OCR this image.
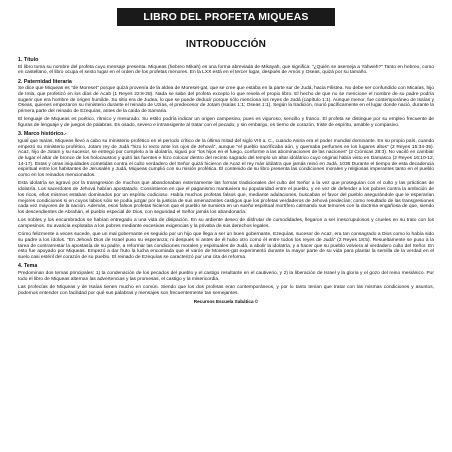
LIBRO DEL PROFETA MIQUEAS
INTRODUCCIÓN
1. Título

El libro toma su nombre del profeta cuyo mensaje presenta. Miqueas (hebreo Mikah) es una forma abreviada de Mikayah, que significa: "¿Quién se asemeja a Yahweh?" Tanto en hebreo, como en castellano, el libro ocupa el sexto lugar en el orden de los profetas menores. En la LXX está en el tercer lugar, después de Amós y Oseas, quizá por su tamaño.

2. Paternidad literaria

Se dice que Miqueas es "de Moreset" porque quizá provenía de la aldea de Moreset-gat, que se cree que estaba en la parte sur de Judá, hacia Filistea. No debe ser confundido con Micaías, hijo de Imla, que profetizó en los días de Acab (1 Reyes 22:8-28). Nada se sabe del profeta excepto lo que revela el propio libro. El hecho de que no se mencione el nombre de su padre podría sugerir que era hombre de origen humilde. Su sitio era de Judea, lo que se puede deducir porque sólo menciona los reyes de Judá (capítulo 1:1). Aunque menor, fue contemporáneo de Isaías y Oseas, quienes empezaron su ministerio durante el reinado de Uzías, el predecesor de Jotam (Isaías 1:1; Oseas 1:1). Según la tradición, murió pacíficamente en el lugar donde nació, durante la primera parte del reinado de Ezequías, antes de la caída de Samaria.

El lenguaje de Miqueas es poético, rítmico y mesurado. Su estilo podría indicar un origen campesino, pues es vigoroso, sencillo y franco. El profeta se distingue por su empleo frecuente de figuras de lenguaje y de juegos de palabras. Es osado, severo e intransigente al tratar con el pecado; y sin embargo, es tierno de corazón, triste de espíritu, amable y compasivo.

3. Marco histórico.-

Igual que Isaías, Miqueas llevó a cabo su ministerio profético en el período crítico de la última mitad del siglo VIII a. C., cuando Asiria era el poder mundial dominante. En su propio país, cuando empezó su ministerio profético, Jotam rey de Judá "hizo lo recto ante los ojos de Jehová", aunque "el pueblo sacrificaba aún, y quemaba perfumes en los lugares altos" (2 Reyes 15:34-35). Acaz, hijo de Jotam y su sucesor, se entregó por completo a la idolatría, siguió por "los hijos en el fuego, conforme a las abominaciones de las naciones" (2 Crónicas 28:3). No vaciló en cambiar de lugar el altar de bronce de los holocaustos y quitó las fuentes e hizo colocar dentro del recinto sagrado del templo un altar idolátrico cuyo original había visto en Damasco (2 Reyes 16:10-12, 14-17). Estas y otras iniquidades cometidas contra el culto verdadero del Señor quizá hicieron de Acaz el rey más idólatra que jamás reinó en Judá. 1036 Durante el tiempo de esta decadencia espiritual entre los habitantes de Jerusalén y Judá, Miqueas cumplió con su misión profética. El contenido de su libro presenta las condiciones morales y religiosas imperantes tanto en el pueblo como en los reinados mencionados.

Esta idolatría se agravó por la transgresión de muchos que abandonaban externamente las formas tradicionales del culto del Señor a la vez que proseguían con el culto y las prácticas de idolatría. Los sacerdotes de Jehová habían apostatado. Consintieron en que el paganismo mantuviera su popularidad entre el pueblo, y en vez de defender a los pobres contra la ambición de los ricos, ellos mismos estaban dominados por un espíritu codicioso. Había muchos profetas falsos que, mediante adulaciones, buscaban el favor del pueblo asegurándole que le esperarían mejores condiciones si en cuyos labios sólo se podía juzgar por la justicia de sus amenazantes castigos que los profetas verdaderos de Jehová predecían; como resultado de las transgresiones cada vez mayores de la nación. Además, esos falsos profetas hicieron que el pueblo se sumiera en un sueño espiritual mortífero calmando sus temores con la doctrina engañosa de que, siendo los descendientes de Abrahán, el pueblo especial de Dios, con seguridad el Señor jamás los abandonaría.

Los nobles y los encumbrados se habían entregado a una vida de disipación. En su ardiente deseo de disfrutar de comodidades, llegaron a ser inescrupulosos y crueles en su trato con los campesinos. Su avaricia explotaba a los pobres mediante excesivas exigencias y la privaba de sus derechos legales.

Cómo felizmente a veces sucede, que un mal gobernante es seguido por un hijo que llega a ser un buen gobernante, Ezequías, sucesor de Acaz, era tan consagrado a Dios como lo había sido su padre a los ídolos. "En Jehová Dios de Israel puso su esperanza; ni después ni antes de él hubo otro como él entre todos los reyes de Judá" (2 Reyes 18:5). Resueltamente se puso a la tarea de contrarrestar la apostasía de su padre, a reformar las condiciones morales y espirituales de Judá, a abolir la idolatría, y a hacer que su pueblo volviera al verdadero culto del Señor. En esto fue apoyado por Miqueas. Empezó a dar fruto la lucha encomiada que el varón de Moreset-gat experimentó durante la mayor parte de su vida para plantar la semilla de la verdad en el suelo casi estéril del corazón de su pueblo. El reinado de Ezequías se caracterizó por una cita de reforma.

4. Tema

Predominan dos temas principales: 1) la condenación de los pecados del pueblo y el castigo resultante en el cautiverio, y 2) la liberación de Israel y la gloria y el gozo del reino mesiánico. Por todo el libro de Miqueas alternan las advertencias y las promesas, el castigo y la misericordia.

Las profecías de Miqueas y de Isaías tienen mucho en común. Siendo que los dos profetas eran contemporáneos, y por lo tanto tenían que tratar con las mismas condiciones y asuntos, podemos entender con facilidad por qué sus palabras y mensajes son frecuentemente tan semejantes.

Recursos Escuela Sabática ©
